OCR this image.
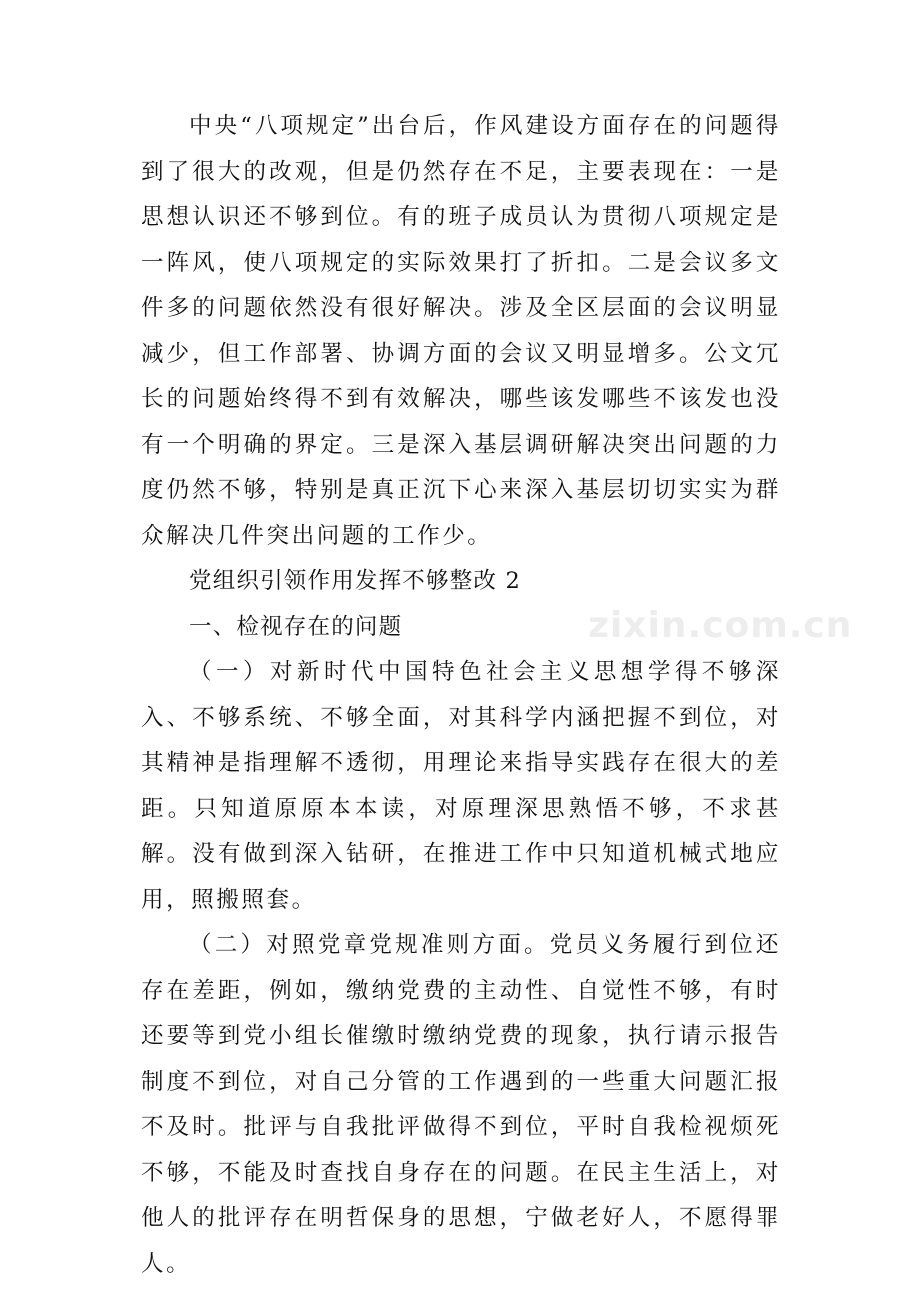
中央“八项规定”出台后，作风建设方面存在的问题得到了很大的改观，但是仍然存在不足，主要表现在：一是思想认识还不够到位。有的班子成员认为贯彻八项规定是一阵风，使八项规定的实际效果打了折扣。二是会议多文件多的问题依然没有很好解决。涉及全区层面的会议明显减少，但工作部署、协调方面的会议又明显增多。公文冗长的问题始终得不到有效解决，哪些该发哪些不该发也没有一个明确的界定。三是深入基层调研解决突出问题的力度仍然不够，特别是真正沉下心来深入基层切切实实为群众解决几件突出问题的工作少。

党组织引领作用发挥不够整改 2

一、检视存在的问题

（一）对新时代中国特色社会主义思想学得不够深入、不够系统、不够全面，对其科学内涵把握不到位，对其精神是指理解不透彻，用理论来指导实践存在很大的差距。只知道原原本本读，对原理深思熟悟不够，不求甚解。没有做到深入钻研，在推进工作中只知道机械式地应用，照搬照套。

（二）对照党章党规准则方面。党员义务履行到位还存在差距，例如，缴纳党费的主动性、自觉性不够，有时还要等到党小组长催缴时缴纳党费的现象，执行请示报告制度不到位，对自己分管的工作遇到的一些重大问题汇报不及时。批评与自我批评做得不到位，平时自我检视烦死不够，不能及时查找自身存在的问题。在民主生活上，对他人的批评存在明哲保身的思想，宁做老好人，不愿得罪人。

zixin.com.cn
